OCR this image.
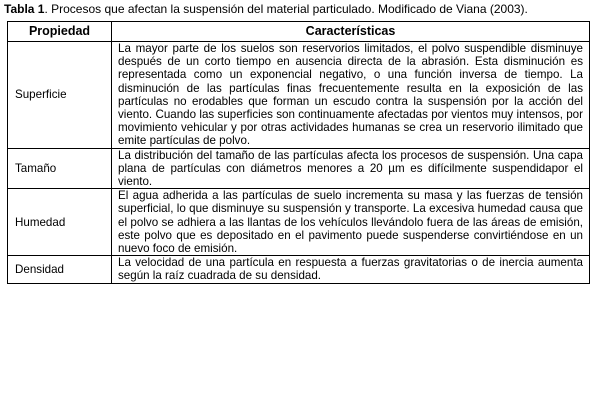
Tabla 1. Procesos que afectan la suspensión del material particulado. Modificado de Viana (2003).
Propiedad	Características
Superficie	La mayor parte de los suelos son reservorios limitados, el polvo suspendible disminuye después de un corto tiempo en ausencia directa de la abrasión. Esta disminución es representada como un exponencial negativo, o una función inversa de tiempo. La disminución de las partículas finas frecuentemente resulta en la exposición de las partículas no erodables que forman un escudo contra la suspensión por la acción del viento. Cuando las superficies son continuamente afectadas por vientos muy intensos, por movimiento vehicular y por otras actividades humanas se crea un reservorio ilimitado que emite partículas de polvo.
Tamaño	La distribución del tamaño de las partículas afecta los procesos de suspensión. Una capa plana de partículas con diámetros menores a 20 µm es difícilmente suspendidapor el viento.
Humedad	El agua adherida a las partículas de suelo incrementa su masa y las fuerzas de tensión superficial, lo que disminuye su suspensión y transporte. La excesiva humedad causa que el polvo se adhiera a las llantas de los vehículos llevándolo fuera de las áreas de emisión, este polvo que es depositado en el pavimento puede suspenderse convirtiéndose en un nuevo foco de emisión.
Densidad	La velocidad de una partícula en respuesta a fuerzas gravitatorias o de inercia aumenta según la raíz cuadrada de su densidad.
